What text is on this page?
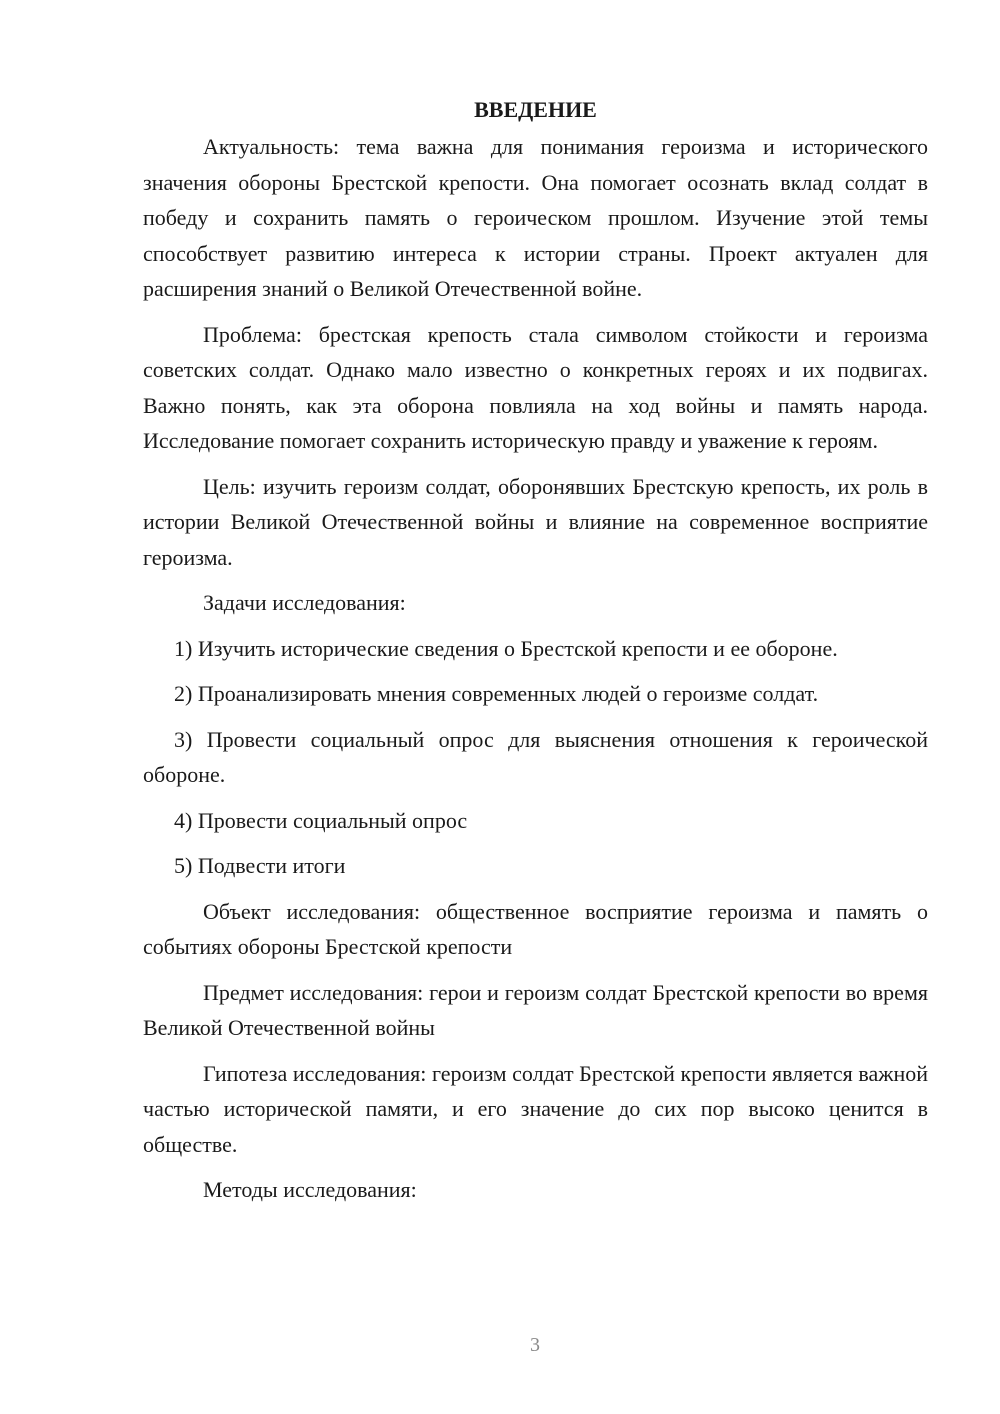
ВВЕДЕНИЕ

Актуальность: тема важна для понимания героизма и исторического значения обороны Брестской крепости. Она помогает осознать вклад солдат в победу и сохранить память о героическом прошлом. Изучение этой темы способствует развитию интереса к истории страны. Проект актуален для расширения знаний о Великой Отечественной войне.

Проблема: брестская крепость стала символом стойкости и героизма советских солдат. Однако мало известно о конкретных героях и их подвигах. Важно понять, как эта оборона повлияла на ход войны и память народа. Исследование помогает сохранить историческую правду и уважение к героям.

Цель: изучить героизм солдат, оборонявших Брестскую крепость, их роль в истории Великой Отечественной войны и влияние на современное восприятие героизма.

Задачи исследования:

1) Изучить исторические сведения о Брестской крепости и ее обороне.

2) Проанализировать мнения современных людей о героизме солдат.

3) Провести социальный опрос для выяснения отношения к героической обороне.

4) Провести социальный опрос

5) Подвести итоги

Объект исследования: общественное восприятие героизма и память о событиях обороны Брестской крепости

Предмет исследования: герои и героизм солдат Брестской крепости во время Великой Отечественной войны

Гипотеза исследования: героизм солдат Брестской крепости является важной частью исторической памяти, и его значение до сих пор высоко ценится в обществе.

Методы исследования:

3
